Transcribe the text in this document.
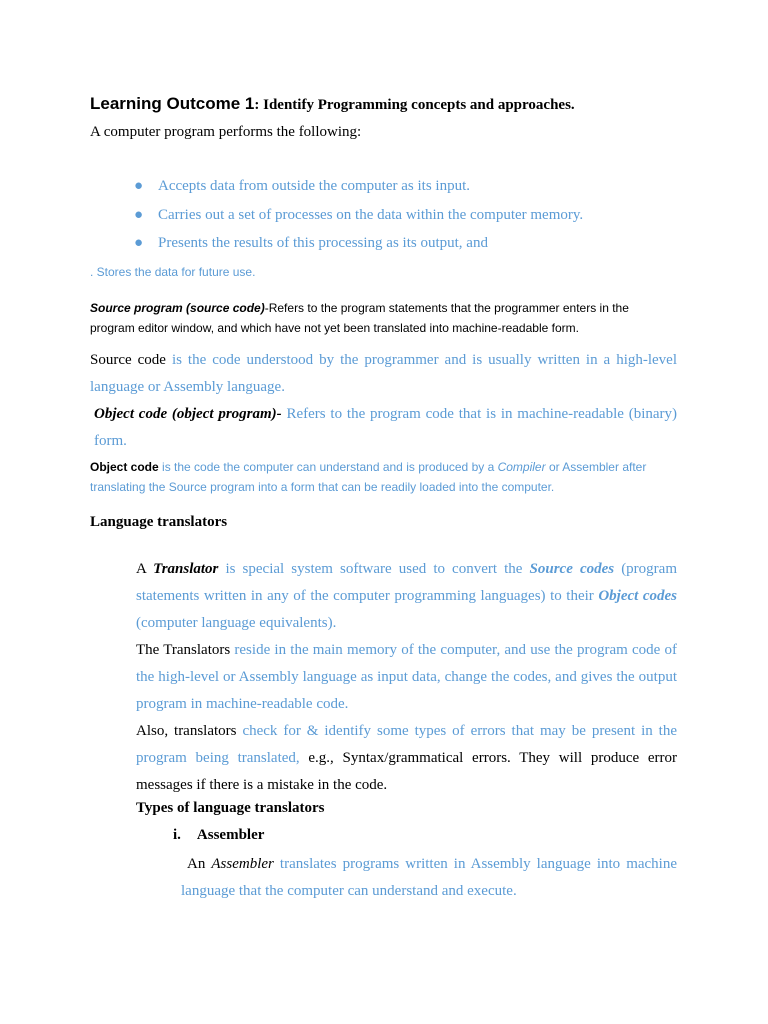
Learning Outcome 1: Identify Programming concepts and approaches.
A computer program performs the following:
● Accepts data from outside the computer as its input.
● Carries out a set of processes on the data within the computer memory.
● Presents the results of this processing as its output, and
. Stores the data for future use.
Source program (source code)-Refers to the program statements that the programmer enters in the
program editor window, and which have not yet been translated into machine-readable form.
Source code is the code understood by the programmer and is usually written in a high-level
language or Assembly language.
Object code (object program)- Refers to the program code that is in machine-readable (binary)
form.
Object code is the code the computer can understand and is produced by a Compiler or Assembler after
translating the Source program into a form that can be readily loaded into the computer.
Language translators
A Translator is special system software used to convert the Source codes (program
statements written in any of the computer programming languages) to their Object codes
(computer language equivalents).
The Translators reside in the main memory of the computer, and use the program code of
the high-level or Assembly language as input data, change the codes, and gives the output
program in machine-readable code.
Also, translators check for & identify some types of errors that may be present in the
program being translated, e.g., Syntax/grammatical errors. They will produce error
messages if there is a mistake in the code.
Types of language translators
i. Assembler
An Assembler translates programs written in Assembly language into machine
language that the computer can understand and execute.
